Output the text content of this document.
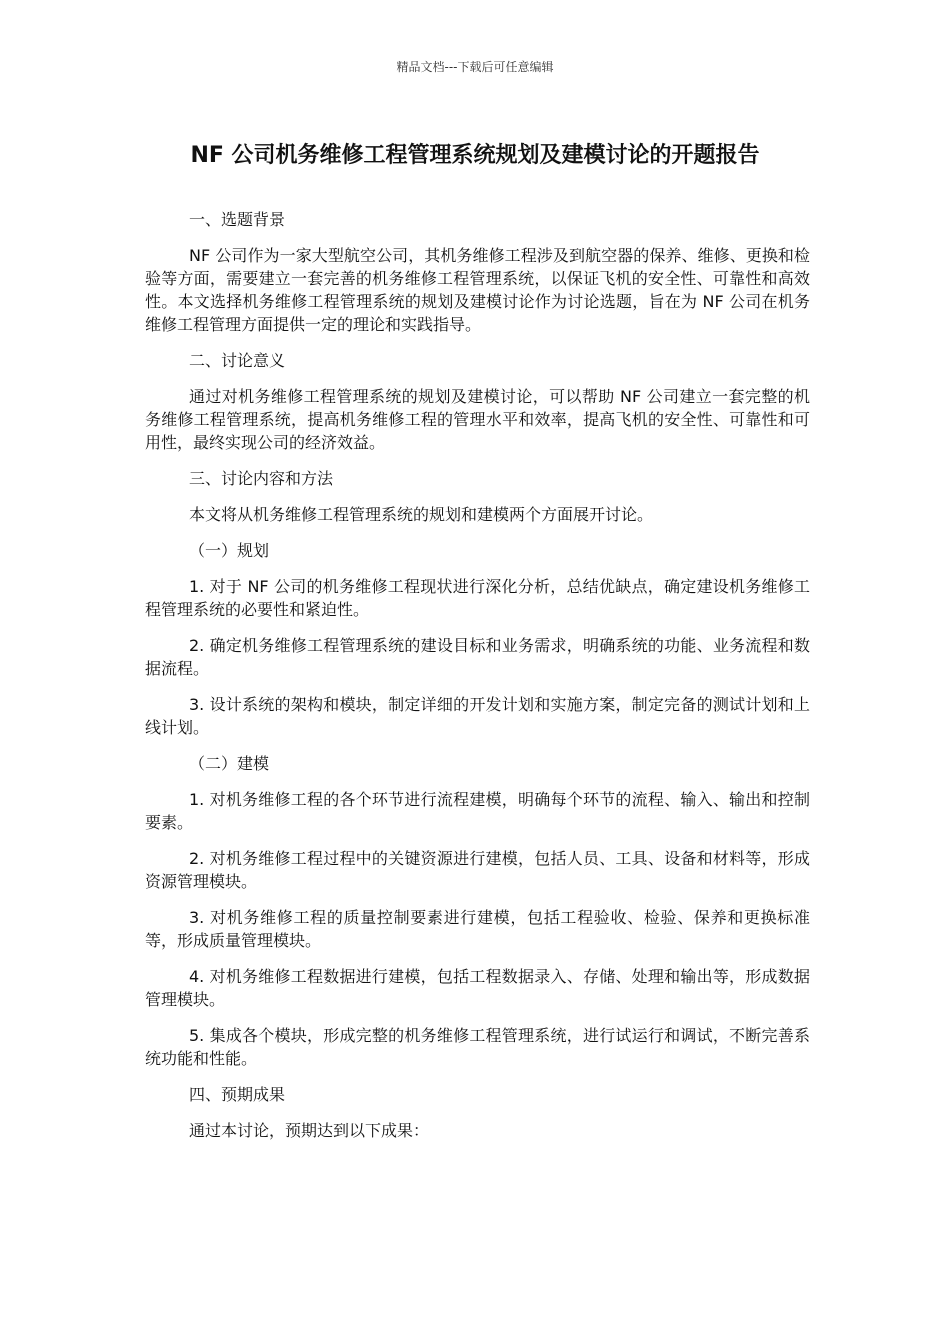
精品文档---下载后可任意编辑
NF 公司机务维修工程管理系统规划及建模讨论的开题报告

一、选题背景

NF 公司作为一家大型航空公司，其机务维修工程涉及到航空器的保养、维修、更换和检验等方面，需要建立一套完善的机务维修工程管理系统，以保证飞机的安全性、可靠性和高效性。本文选择机务维修工程管理系统的规划及建模讨论作为讨论选题，旨在为 NF 公司在机务维修工程管理方面提供一定的理论和实践指导。

二、讨论意义

通过对机务维修工程管理系统的规划及建模讨论，可以帮助 NF 公司建立一套完整的机务维修工程管理系统，提高机务维修工程的管理水平和效率，提高飞机的安全性、可靠性和可用性，最终实现公司的经济效益。

三、讨论内容和方法

本文将从机务维修工程管理系统的规划和建模两个方面展开讨论。

（一）规划

1. 对于 NF 公司的机务维修工程现状进行深化分析，总结优缺点，确定建设机务维修工程管理系统的必要性和紧迫性。

2. 确定机务维修工程管理系统的建设目标和业务需求，明确系统的功能、业务流程和数据流程。

3. 设计系统的架构和模块，制定详细的开发计划和实施方案，制定完备的测试计划和上线计划。

（二）建模

1. 对机务维修工程的各个环节进行流程建模，明确每个环节的流程、输入、输出和控制要素。

2. 对机务维修工程过程中的关键资源进行建模，包括人员、工具、设备和材料等，形成资源管理模块。

3. 对机务维修工程的质量控制要素进行建模，包括工程验收、检验、保养和更换标准等，形成质量管理模块。

4. 对机务维修工程数据进行建模，包括工程数据录入、存储、处理和输出等，形成数据管理模块。

5. 集成各个模块，形成完整的机务维修工程管理系统，进行试运行和调试，不断完善系统功能和性能。

四、预期成果

通过本讨论，预期达到以下成果：
